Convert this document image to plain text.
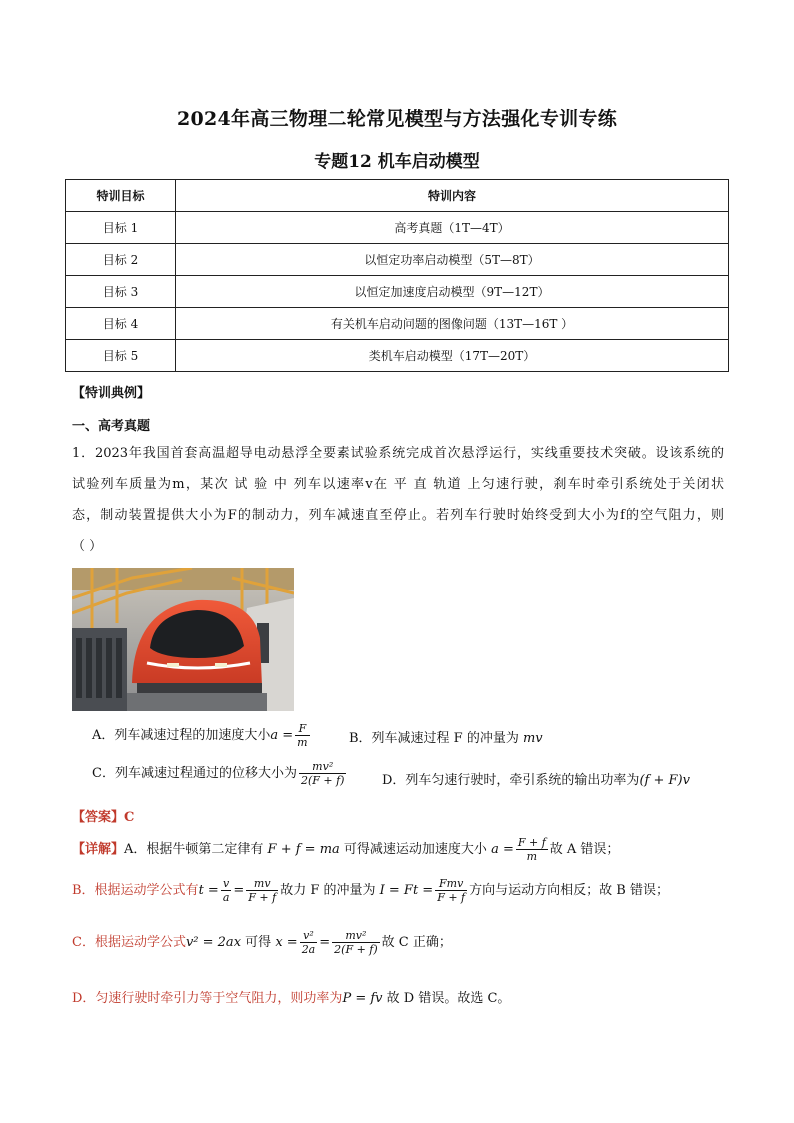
2024年高三物理二轮常见模型与方法强化专训专练
专题12 机车启动模型
特训目标	特训内容
目标 1	高考真题（1T—4T）
目标 2	以恒定功率启动模型（5T—8T）
目标 3	以恒定加速度启动模型（9T—12T）
目标 4	有关机车启动问题的图像问题（13T—16T ）
目标 5	类机车启动模型（17T—20T）
【特训典例】
一、高考真题
1．2023年我国首套高温超导电动悬浮全要素试验系统完成首次悬浮运行，实线重要技术突破。设该系统的
试验列车质量为m，某次 试 验 中 列车以速率v在 平 直 轨道 上匀速行驶，刹车时牵引系统处于关闭状
态，制动装置提供大小为F的制动力，列车减速直至停止。若列车行驶时始终受到大小为f的空气阻力，则
（ ）
A．列车减速过程的加速度大小$a = \frac{F}{m}$	B．列车减速过程 F 的冲量为 mv
C．列车减速过程通过的位移大小为 $\frac{\text{mv²}}{2(F + f)}$	D．列车匀速行驶时，牵引系统的输出功率为(f + F)v
【答案】C
【详解】A．根据牛顿第二定律有 F + f = ma 可得减速运动加速度大小 $a = \frac{F + f}{m}$ 故 A 错误；
B．根据运动学公式有$t = \frac{v}{a} = \frac{mv}{F + f}$ 故力 F 的冲量为 $I = Ft = \frac{\text{Fmv}}{F + f}$ 方向与运动方向相反；故 B 错误；
C．根据运动学公式v² = 2ax 可得 $x = \frac{\text{v²}}{2a} = \frac{\text{mv²}}{2(F + f)}$ 故 C 正确；
D．匀速行驶时牵引力等于空气阻力，则功率为P = fv 故 D 错误。故选 C。
